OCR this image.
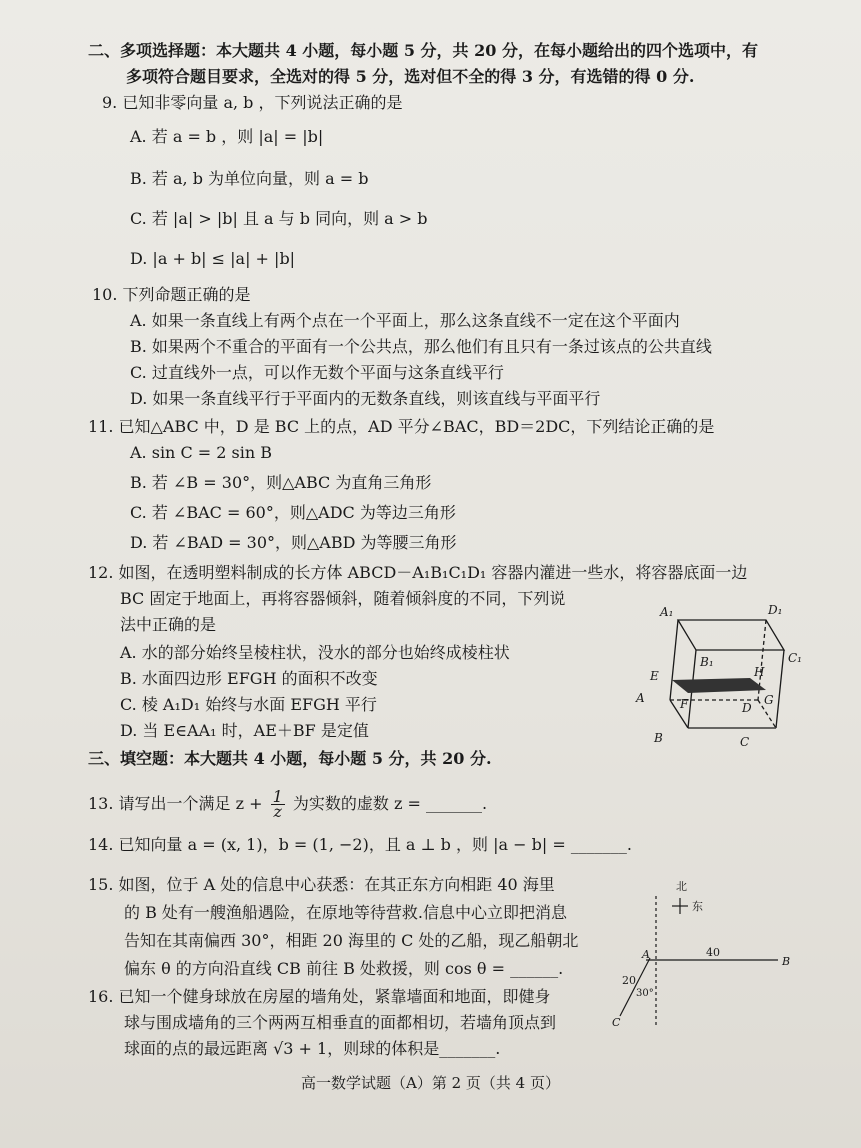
二、多项选择题：本大题共 4 小题，每小题 5 分，共 20 分，在每小题给出的四个选项中，有
多项符合题目要求，全选对的得 5 分，选对但不全的得 3 分，有选错的得 0 分.
9. 已知非零向量 a, b ，下列说法正确的是
A. 若 a = b ，则 |a| = |b|
B. 若 a, b 为单位向量，则 a = b
C. 若 |a| > |b| 且 a 与 b 同向，则 a > b
D. |a + b| ≤ |a| + |b|
10. 下列命题正确的是
A. 如果一条直线上有两个点在一个平面上，那么这条直线不一定在这个平面内
B. 如果两个不重合的平面有一个公共点，那么他们有且只有一条过该点的公共直线
C. 过直线外一点，可以作无数个平面与这条直线平行
D. 如果一条直线平行于平面内的无数条直线，则该直线与平面平行
11. 已知△ABC 中，D 是 BC 上的点，AD 平分∠BAC，BD＝2DC，下列结论正确的是
A. sin C = 2 sin B
B. 若 ∠B = 30°，则△ABC 为直角三角形
C. 若 ∠BAC = 60°，则△ADC 为等边三角形
D. 若 ∠BAD = 30°，则△ABD 为等腰三角形
12. 如图，在透明塑料制成的长方体 ABCD－A₁B₁C₁D₁ 容器内灌进一些水，将容器底面一边
BC 固定于地面上，再将容器倾斜，随着倾斜度的不同，下列说
法中正确的是
A. 水的部分始终呈棱柱状，没水的部分也始终成棱柱状
B. 水面四边形 EFGH 的面积不改变
C. 棱 A₁D₁ 始终与水面 EFGH 平行
D. 当 E∈AA₁ 时，AE＋BF 是定值
A₁	D₁
B₁	C₁
E	H
A	F	D
G
B	C
三、填空题：本大题共 4 小题，每小题 5 分，共 20 分.
13. 请写出一个满足 $z + \frac{1}{z}$ 为实数的虚数 z = _______.
14. 已知向量 a = (x, 1)，b = (1, −2)，且 a ⊥ b ，则 |a − b| = _______.
15. 如图，位于 A 处的信息中心获悉：在其正东方向相距 40 海里
的 B 处有一艘渔船遇险，在原地等待营救.信息中心立即把消息
告知在其南偏西 30°，相距 20 海里的 C 处的乙船，现乙船朝北
偏东 θ 的方向沿直线 CB 前往 B 处救援，则 cos θ = ______.
16. 已知一个健身球放在房屋的墙角处，紧靠墙面和地面，即健身
球与围成墙角的三个两两互相垂直的面都相切，若墙角顶点到
球面的点的最远距离 √3 + 1，则球的体积是_______.
北
东
A
B
C
40
20
30°
高一数学试题（A）第 2 页（共 4 页）
